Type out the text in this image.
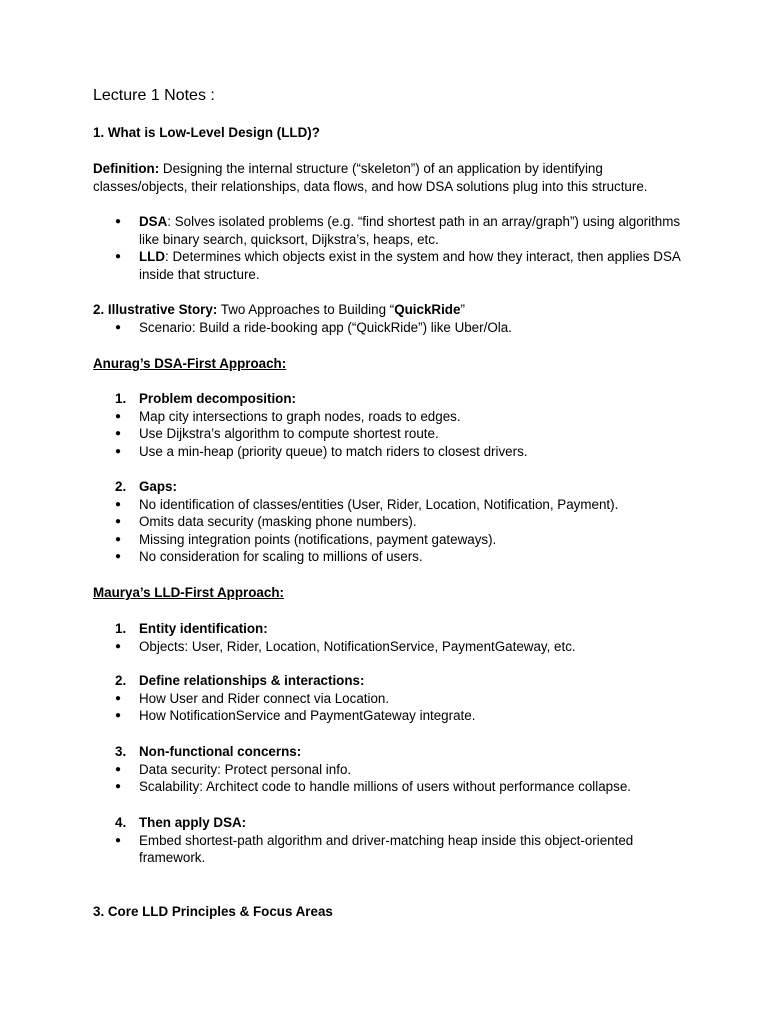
Lecture 1 Notes :

1. What is Low-Level Design (LLD)?

Definition: Designing the internal structure (“skeleton”) of an application by identifying classes/objects, their relationships, data flows, and how DSA solutions plug into this structure.

● DSA: Solves isolated problems (e.g. “find shortest path in an array/graph”) using algorithms like binary search, quicksort, Dijkstra’s, heaps, etc.
● LLD: Determines which objects exist in the system and how they interact, then applies DSA inside that structure.

2. Illustrative Story: Two Approaches to Building “QuickRide”

● Scenario: Build a ride-booking app (“QuickRide”) like Uber/Ola.

Anurag’s DSA-First Approach:

1. Problem decomposition:
● Map city intersections to graph nodes, roads to edges.
● Use Dijkstra’s algorithm to compute shortest route.
● Use a min-heap (priority queue) to match riders to closest drivers.
2. Gaps:
● No identification of classes/entities (User, Rider, Location, Notification, Payment).
● Omits data security (masking phone numbers).
● Missing integration points (notifications, payment gateways).
● No consideration for scaling to millions of users.

Maurya’s LLD-First Approach:

1. Entity identification:
● Objects: User, Rider, Location, NotificationService, PaymentGateway, etc.
2. Define relationships & interactions:
● How User and Rider connect via Location.
● How NotificationService and PaymentGateway integrate.
3. Non-functional concerns:
● Data security: Protect personal info.
● Scalability: Architect code to handle millions of users without performance collapse.
4. Then apply DSA:
● Embed shortest-path algorithm and driver-matching heap inside this object-oriented framework.

3. Core LLD Principles & Focus Areas
